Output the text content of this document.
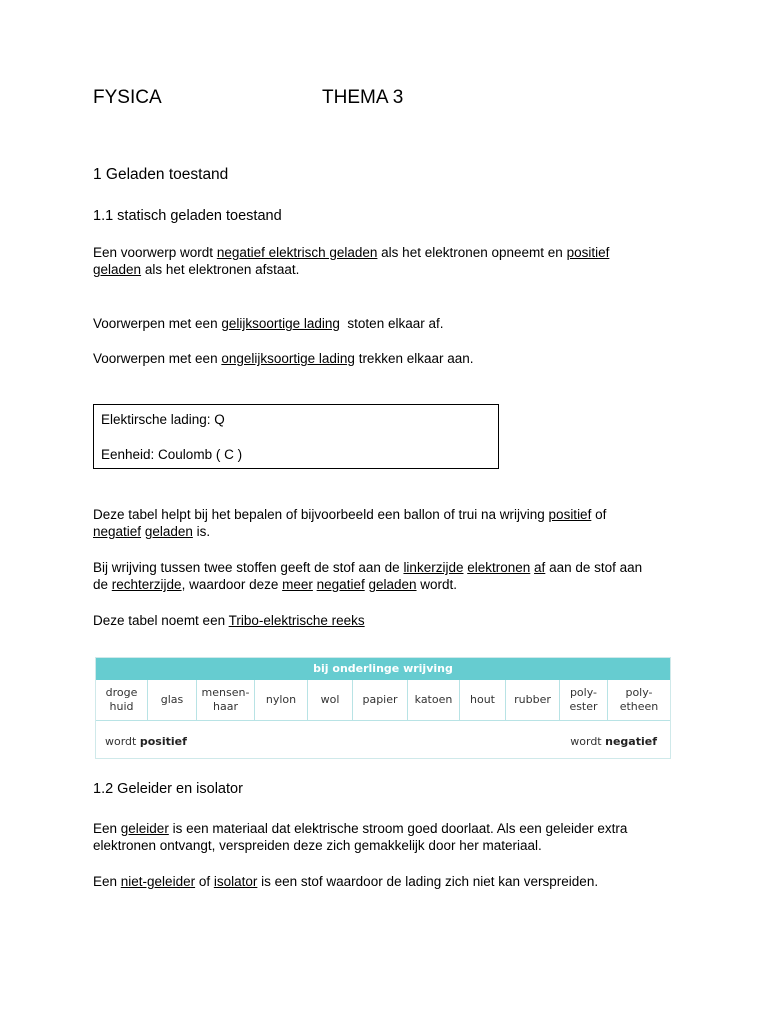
FYSICA	THEMA 3
1 Geladen toestand
1.1 statisch geladen toestand
Een voorwerp wordt negatief elektrisch geladen als het elektronen opneemt en positief
geladen als het elektronen afstaat.
Voorwerpen met een gelijksoortige lading  stoten elkaar af.
Voorwerpen met een ongelijksoortige lading trekken elkaar aan.
Elektirsche lading: Q
Eenheid: Coulomb ( C )
Deze tabel helpt bij het bepalen of bijvoorbeeld een ballon of trui na wrijving positief of
negatief geladen is.
Bij wrijving tussen twee stoffen geeft de stof aan de linkerzijde elektronen af aan de stof aan
de rechterzijde, waardoor deze meer negatief geladen wordt.
Deze tabel noemt een Tribo-elektrische reeks
bij onderlinge wrijving
droge
huid
glas
mensen-
haar
nylon wol papier katoen hout rubber
poly-
ester
poly-
etheen
wordt positief	wordt negatief
1.2 Geleider en isolator
Een geleider is een materiaal dat elektrische stroom goed doorlaat. Als een geleider extra
elektronen ontvangt, verspreiden deze zich gemakkelijk door her materiaal.
Een niet-geleider of isolator is een stof waardoor de lading zich niet kan verspreiden.
